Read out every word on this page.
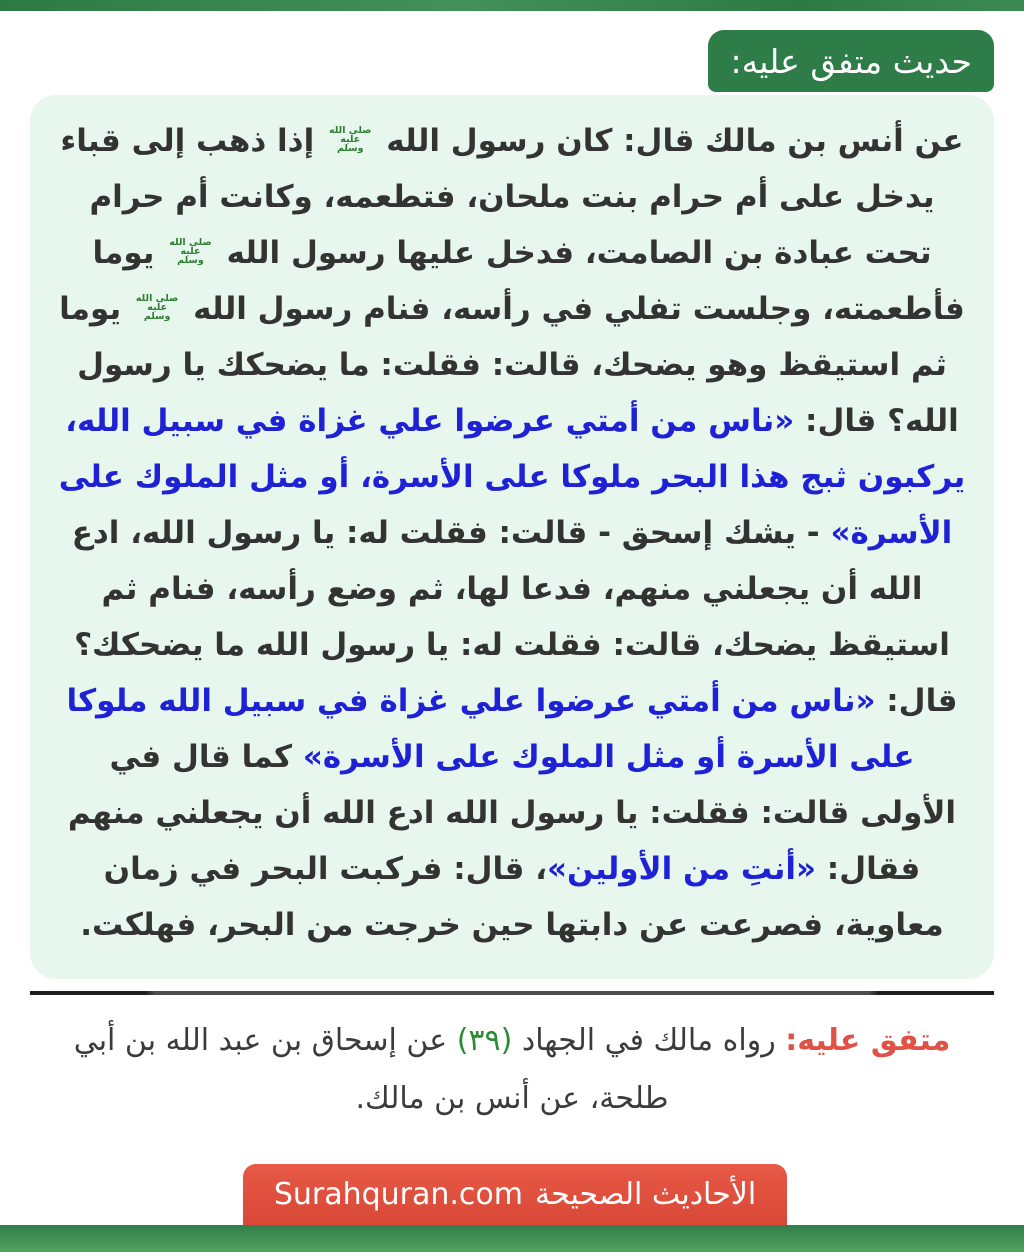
حديث متفق عليه:

عن أنس بن مالك قال: كان رسول الله
صلى الله
عليه
وسلم
إذا ذهب إلى قباء يدخل على أم حرام بنت ملحان، فتطعمه، وكانت أم حرام تحت عبادة بن الصامت، فدخل عليها رسول الله
صلى الله
عليه
وسلم
يوما فأطعمته، وجلست تفلي في رأسه، فنام رسول الله
صلى الله
عليه
وسلم
يوما ثم استيقظ وهو يضحك، قالت: فقلت: ما يضحكك يا رسول الله؟ قال: «ناس من أمتي عرضوا علي غزاة في سبيل الله، يركبون ثبج هذا البحر ملوكا على الأسرة، أو مثل الملوك على الأسرة» - يشك إسحق - قالت: فقلت له: يا رسول الله، ادع الله أن يجعلني منهم، فدعا لها، ثم وضع رأسه، فنام ثم استيقظ يضحك، قالت: فقلت له: يا رسول الله ما يضحكك؟ قال: «ناس من أمتي عرضوا علي غزاة في سبيل الله ملوكا على الأسرة أو مثل الملوك على الأسرة» كما قال في الأولى قالت: فقلت: يا رسول الله ادع الله أن يجعلني منهم فقال: «أنتِ من الأولين»، قال: فركبت البحر في زمان معاوية، فصرعت عن دابتها حين خرجت من البحر، فهلكت.

متفق عليه: رواه مالك في الجهاد (٣٩) عن إسحاق بن عبد الله بن أبي طلحة، عن أنس بن مالك.
الأحاديث الصحيحة
Surahquran.com
